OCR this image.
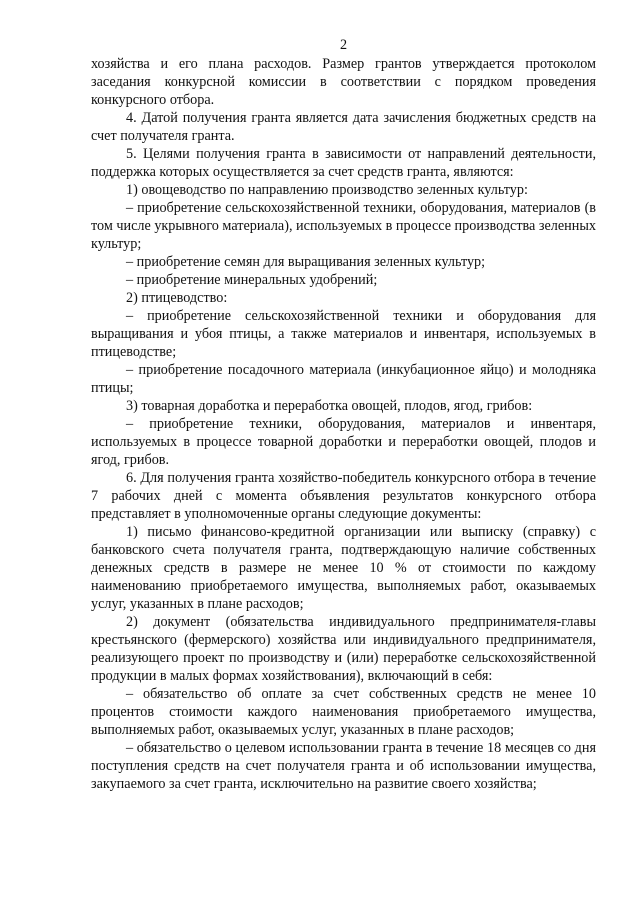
2

хозяйства и его плана расходов. Размер грантов утверждается протоколом заседания конкурсной комиссии в соответствии с порядком проведения конкурсного отбора.

4. Датой получения гранта является дата зачисления бюджетных средств на счет получателя гранта.

5. Целями получения гранта в зависимости от направлений деятельности, поддержка которых осуществляется за счет средств гранта, являются:

1) овощеводство по направлению производство зеленных культур:

– приобретение сельскохозяйственной техники, оборудования, материалов (в том числе укрывного материала), используемых в процессе производства зеленных культур;

– приобретение семян для выращивания зеленных культур;

– приобретение минеральных удобрений;

2) птицеводство:

– приобретение сельскохозяйственной техники и оборудования для выращивания и убоя птицы, а также материалов и инвентаря, используемых в птицеводстве;

– приобретение посадочного материала (инкубационное яйцо) и молодняка птицы;

3) товарная доработка и переработка овощей, плодов, ягод, грибов:

– приобретение техники, оборудования, материалов и инвентаря, используемых в процессе товарной доработки и переработки овощей, плодов и ягод, грибов.

6. Для получения гранта хозяйство-победитель конкурсного отбора в течение 7 рабочих дней с момента объявления результатов конкурсного отбора представляет в уполномоченные органы следующие документы:

1) письмо финансово-кредитной организации или выписку (справку) с банковского счета получателя гранта, подтверждающую наличие собственных денежных средств в размере не менее 10 % от стоимости по каждому наименованию приобретаемого имущества, выполняемых работ, оказываемых услуг, указанных в плане расходов;

2) документ (обязательства индивидуального предпринимателя-главы крестьянского (фермерского) хозяйства или индивидуального предпринимателя, реализующего проект по производству и (или) переработке сельскохозяйственной продукции в малых формах хозяйствования), включающий в себя:

– обязательство об оплате за счет собственных средств не менее 10 процентов стоимости каждого наименования приобретаемого имущества, выполняемых работ, оказываемых услуг, указанных в плане расходов;

– обязательство о целевом использовании гранта в течение 18 месяцев со дня поступления средств на счет получателя гранта и об использовании имущества, закупаемого за счет гранта, исключительно на развитие своего хозяйства;
